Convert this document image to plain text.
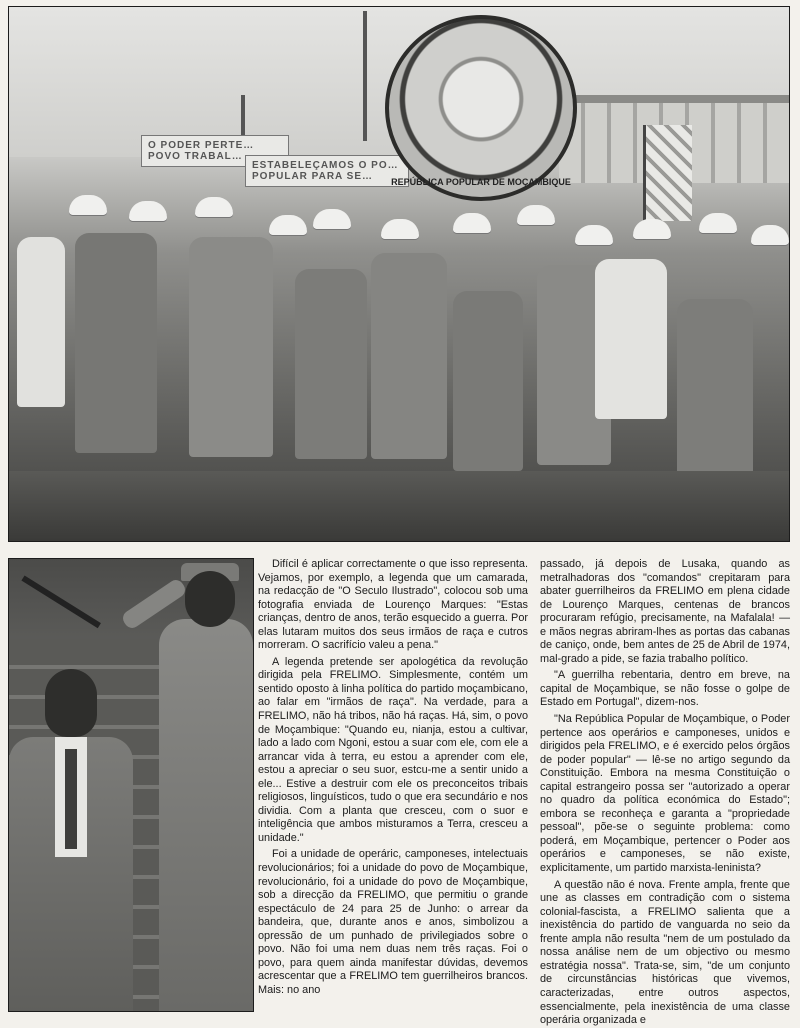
O PODER PERTE… POVO TRABAL…
ESTABELEÇAMOS O PO… POPULAR PARA SE…	REPÚBLICA POPULAR DE MOÇAMBIQUE

Difícil é aplicar correctamente o que isso representa. Vejamos, por exemplo, a legenda que um camarada, na redacção de "O Seculo Ilustrado", colocou sob uma fotografia enviada de Lourenço Marques: "Estas crianças, dentro de anos, terão esquecido a guerra. Por elas lutaram muitos dos seus irmãos de raça e cutros morreram. O sacrifício valeu a pena."

A legenda pretende ser apologética da revolução dirigida pela FRELIMO. Simplesmente, contém um sentido oposto à linha política do partido moçambicano, ao falar em "irmãos de raça". Na verdade, para a FRELIMO, não há tribos, não há raças. Há, sim, o povo de Moçambique: "Quando eu, nianja, estou a cultivar, lado a lado com Ngoni, estou a suar com ele, com ele a arrancar vida à terra, eu estou a aprender com ele, estou a apreciar o seu suor, estcu-me a sentir unido a ele... Estive a destruir com ele os preconceitos tribais religiosos, linguísticos, tudo o que era secundário e nos dividia. Com a planta que cresceu, com o suor e inteligência que ambos misturamos a Terra, cresceu a unidade."

Foi a unidade de operáric, camponeses, intelectuais revolucionários; foi a unidade do povo de Moçambique, revolucionário, foi a unidade do povo de Moçambique, sob a direcção da FRELIMO, que permitiu o grande espectáculo de 24 para 25 de Junho: o arrear da bandeira, que, durante anos e anos, simbolizou a opressão de um punhado de privilegiados sobre o povo. Não foi uma nem duas nem três raças. Foi o povo, para quem ainda manifestar dúvidas, devemos acrescentar que a FRELIMO tem guerrilheiros brancos. Mais: no ano

passado, já depois de Lusaka, quando as metralhadoras dos "comandos" crepitaram para abater guerrilheiros da FRELIMO em plena cidade de Lourenço Marques, centenas de brancos procuraram refúgio, precisamente, na Mafalala! — e mãos negras abriram-lhes as portas das cabanas de caniço, onde, bem antes de 25 de Abril de 1974, mal-grado a pide, se fazia trabalho político.

"A guerrilha rebentaria, dentro em breve, na capital de Moçambique, se não fosse o golpe de Estado em Portugal", dizem-nos.

"Na República Popular de Moçambique, o Poder pertence aos operários e camponeses, unidos e dirigidos pela FRELIMO, e é exercido pelos órgãos de poder popular" — lê-se no artigo segundo da Constituição. Embora na mesma Constituição o capital estrangeiro possa ser "autorizado a operar no quadro da política económica do Estado"; embora se reconheça e garanta a "propriedade pessoal", põe-se o seguinte problema: como poderá, em Moçambique, pertencer o Poder aos operários e camponeses, se não existe, explicitamente, um partido marxista-leninista?

A questão não é nova. Frente ampla, frente que une as classes em contradição com o sistema colonial-fascista, a FRELIMO salienta que a inexistência do partido de vanguarda no seio da frente ampla não resulta "nem de um postulado da nossa análise nem de um objectivo ou mesmo estratégia nossa". Trata-se, sim, "de um conjunto de circunstâncias históricas que vivemos, caracterizadas, entre outros aspectos, essencialmente, pela inexistência de uma classe operária organizada e
